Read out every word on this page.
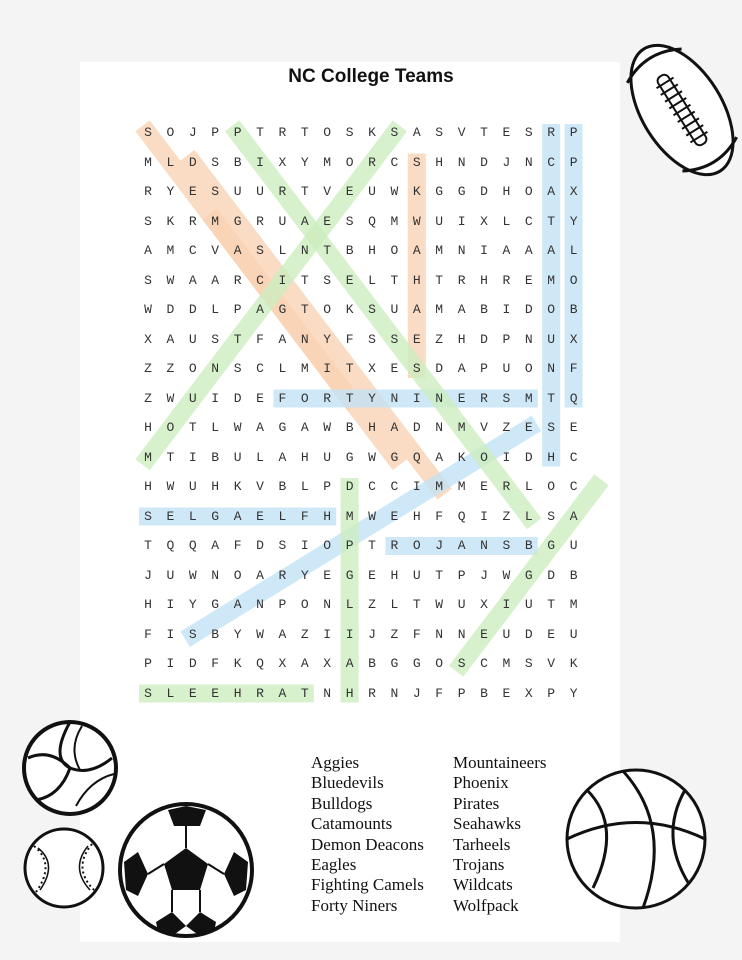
NC College Teams
S	O	J	P	P	T	R	T	O	S	K	S	A	S	V	T	E	S	R	P
M	L	D	S	B	I	X	Y	M	O	R	C	S	H	N	D	J	N	C	P
R	Y	E	S	U	U	R	T	V	E	U	W	K	G	G	D	H	O	A	X
S	K	R	M	G	R	U	A	E	S	Q	M	W	U	I	X	L	C	T	Y
A	M	C	V	A	S	L	N	T	B	H	O	A	M	N	I	A	A	A	L
S	W	A	A	R	C	I	T	S	E	L	T	H	T	R	H	R	E	M	O
W	D	D	L	P	A	G	T	O	K	S	U	A	M	A	B	I	D	O	B
X	A	U	S	T	F	A	N	Y	F	S	S	E	Z	H	D	P	N	U	X
Z	Z	O	N	S	C	L	M	I	T	X	E	S	D	A	P	U	O	N	F
Z	W	U	I	D	E	F	O	R	T	Y	N	I	N	E	R	S	M	T	Q
H	O	T	L	W	A	G	A	W	B	H	A	D	N	M	V	Z	E	S	E
M	T	I	B	U	L	A	H	U	G	W	G	Q	A	K	O	I	D	H	C
H	W	U	H	K	V	B	L	P	D	C	C	I	M	M	E	R	L	O	C
S	E	L	G	A	E	L	F	H	M	W	E	H	F	Q	I	Z	L	S	A
T	Q	Q	A	F	D	S	I	O	P	T	R	O	J	A	N	S	B	G	U
J	U	W	N	O	A	R	Y	E	G	E	H	U	T	P	J	W	G	D	B
H	I	Y	G	A	N	P	O	N	L	Z	L	T	W	U	X	I	U	T	M
F	I	S	B	Y	W	A	Z	I	I	J	Z	F	N	N	E	U	D	E	U
P	I	D	F	K	Q	X	A	X	A	B	G	G	O	S	C	M	S	V	K
S	L	E	E	H	R	A	T	N	H	R	N	J	F	P	B	E	X	P	Y
Aggies
Bluedevils
Bulldogs
Catamounts
Demon Deacons
Eagles
Fighting Camels
Forty Niners
Mountaineers
Phoenix
Pirates
Seahawks
Tarheels
Trojans
Wildcats
Wolfpack
